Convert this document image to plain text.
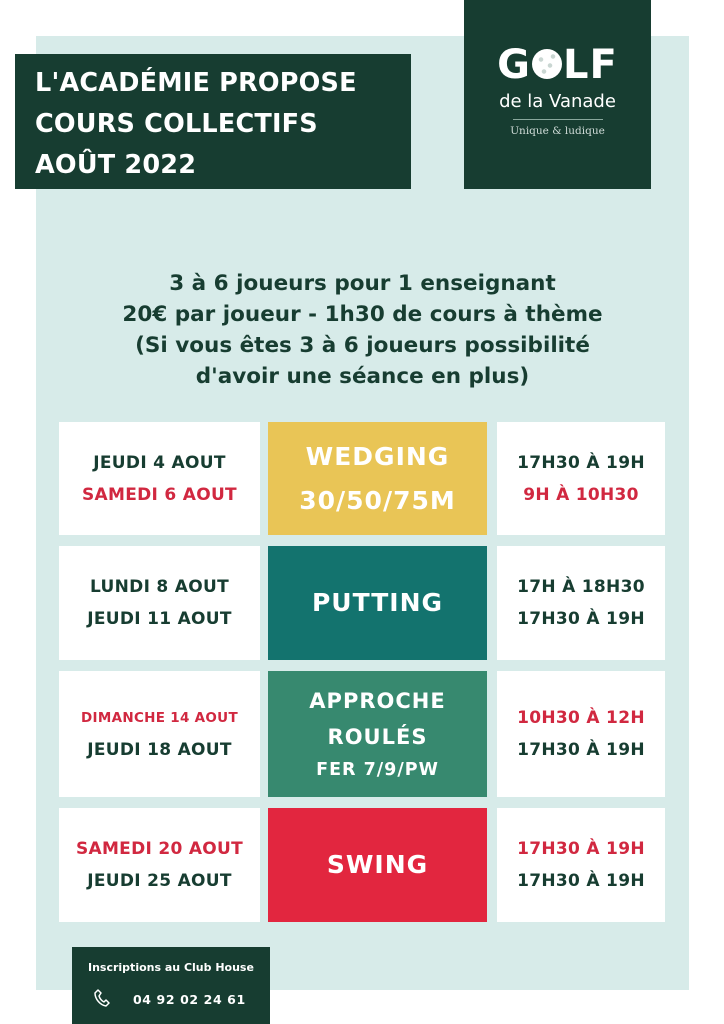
L'ACADÉMIE PROPOSE
COURS COLLECTIFS
AOÛT 2022
G LF
de la Vanade
Unique & ludique
3 à 6 joueurs pour 1 enseignant
20€ par joueur - 1h30 de cours à thème
(Si vous êtes 3 à 6 joueurs possibilité
d'avoir une séance en plus)
JEUDI 4 AOUT
SAMEDI 6 AOUT
WEDGING
30/50/75M
17H30 À 19H
9H À 10H30
LUNDI 8 AOUT
JEUDI 11 AOUT
PUTTING
17H À 18H30
17H30 À 19H
DIMANCHE 14 AOUT
JEUDI 18 AOUT
APPROCHE
ROULÉS
FER 7/9/PW
10H30 À 12H
17H30 À 19H
SAMEDI 20 AOUT
JEUDI 25 AOUT
SWING
17H30 À 19H
17H30 À 19H
Inscriptions au Club House
04 92 02 24 61
